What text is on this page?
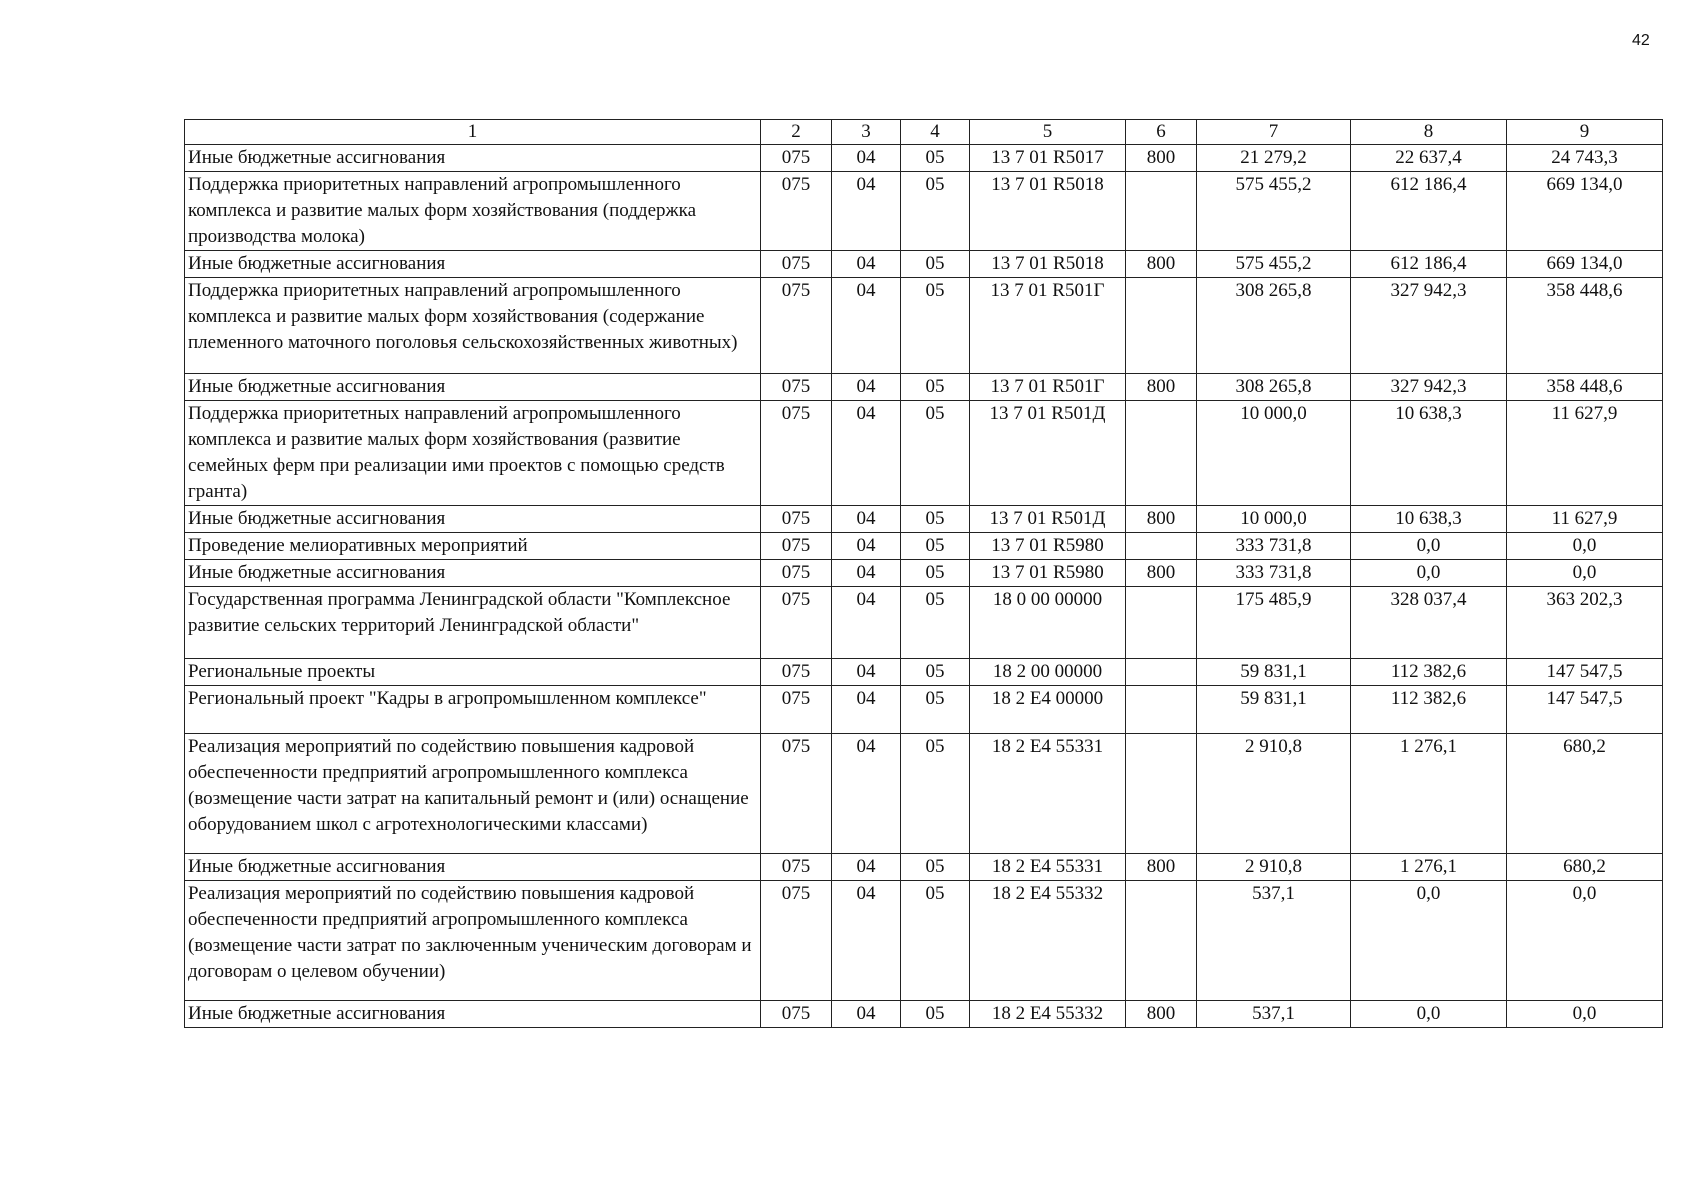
42
1	2	3	4	5	6	7	8	9
Иные бюджетные ассигнования	075	04	05	13 7 01 R5017	800	21 279,2	22 637,4	24 743,3
Поддержка приоритетных направлений агропромышленного комплекса и развитие малых форм хозяйствования (поддержка производства молока)	075	04	05	13 7 01 R5018		575 455,2	612 186,4	669 134,0
Иные бюджетные ассигнования	075	04	05	13 7 01 R5018	800	575 455,2	612 186,4	669 134,0
Поддержка приоритетных направлений агропромышленного комплекса и развитие малых форм хозяйствования (содержание племенного маточного поголовья сельскохозяйственных животных)	075	04	05	13 7 01 R501Г		308 265,8	327 942,3	358 448,6
Иные бюджетные ассигнования	075	04	05	13 7 01 R501Г	800	308 265,8	327 942,3	358 448,6
Поддержка приоритетных направлений агропромышленного комплекса и развитие малых форм хозяйствования (развитие семейных ферм при реализации ими проектов с помощью средств гранта)	075	04	05	13 7 01 R501Д		10 000,0	10 638,3	11 627,9
Иные бюджетные ассигнования	075	04	05	13 7 01 R501Д	800	10 000,0	10 638,3	11 627,9
Проведение мелиоративных мероприятий	075	04	05	13 7 01 R5980		333 731,8	0,0	0,0
Иные бюджетные ассигнования	075	04	05	13 7 01 R5980	800	333 731,8	0,0	0,0
Государственная программа Ленинградской области "Комплексное развитие сельских территорий Ленинградской области"	075	04	05	18 0 00 00000		175 485,9	328 037,4	363 202,3
Региональные проекты	075	04	05	18 2 00 00000		59 831,1	112 382,6	147 547,5
Региональный проект "Кадры в агропромышленном комплексе"	075	04	05	18 2 E4 00000		59 831,1	112 382,6	147 547,5
Реализация мероприятий по содействию повышения кадровой обеспеченности предприятий агропромышленного комплекса (возмещение части затрат на капитальный ремонт и (или) оснащение оборудованием школ с агротехнологическими классами)	075	04	05	18 2 E4 55331		2 910,8	1 276,1	680,2
Иные бюджетные ассигнования	075	04	05	18 2 E4 55331	800	2 910,8	1 276,1	680,2
Реализация мероприятий по содействию повышения кадровой обеспеченности предприятий агропромышленного комплекса (возмещение части затрат по заключенным ученическим договорам и договорам о целевом обучении)	075	04	05	18 2 E4 55332		537,1	0,0	0,0
Иные бюджетные ассигнования	075	04	05	18 2 E4 55332	800	537,1	0,0	0,0
